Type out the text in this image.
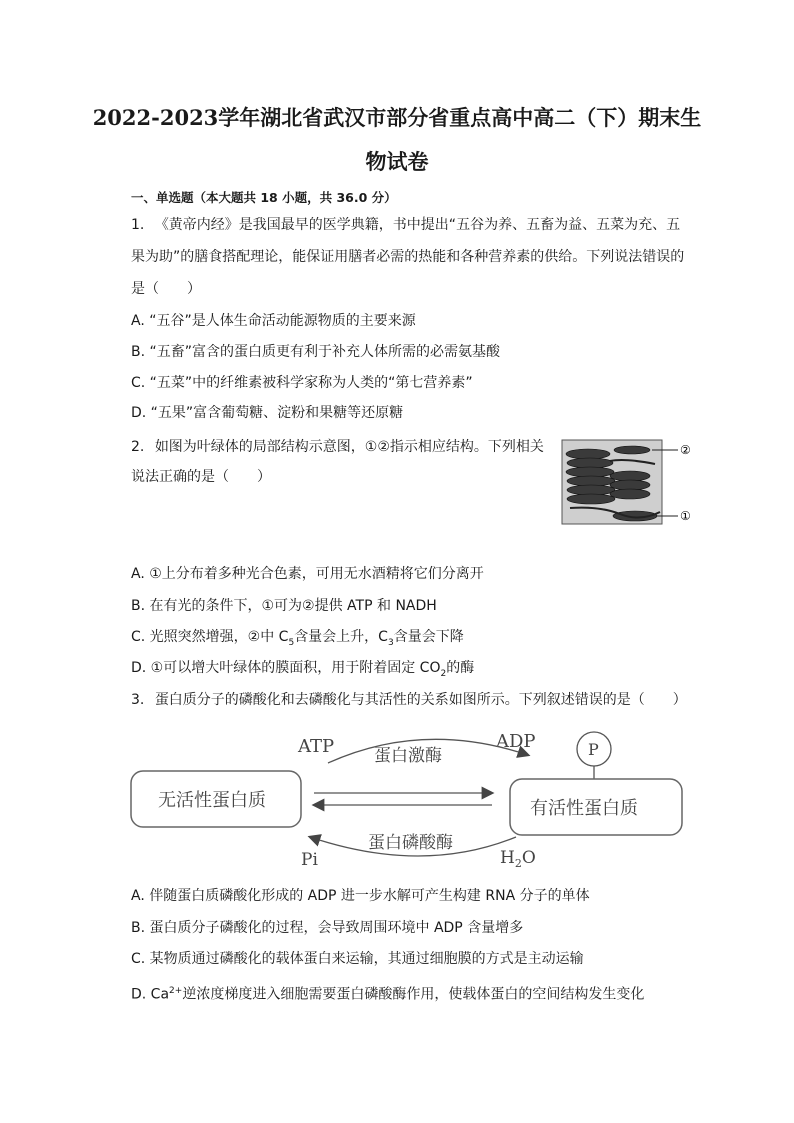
2022-2023学年湖北省武汉市部分省重点高中高二（下）期末生
物试卷
一、单选题（本大题共 18 小题，共 36.0 分）
1. 《黄帝内经》是我国最早的医学典籍，书中提出“五谷为养、五畜为益、五菜为充、五
果为助”的膳食搭配理论，能保证用膳者必需的热能和各种营养素的供给。下列说法错误的
是（　　）
A. “五谷”是人体生命活动能源物质的主要来源
B. “五畜”富含的蛋白质更有利于补充人体所需的必需氨基酸
C. “五菜”中的纤维素被科学家称为人类的“第七营养素”
D. “五果”富含葡萄糖、淀粉和果糖等还原糖
2. 如图为叶绿体的局部结构示意图，①②指示相应结构。下列相关
说法正确的是（　　）
②
①
A. ①上分布着多种光合色素，可用无水酒精将它们分离开
B. 在有光的条件下，①可为②提供 ATP 和 NADH
C. 光照突然增强，②中 $C_5$含量会上升，$C_3$含量会下降
D. ①可以增大叶绿体的膜面积，用于附着固定 $CO_2$的酶
3. 蛋白质分子的磷酸化和去磷酸化与其活性的关系如图所示。下列叙述错误的是（　　）
ATP 蛋白激酶
ADP	P
无活性蛋白质	有活性蛋白质
蛋白磷酸酶
Pi	$H_2O$
A. 伴随蛋白质磷酸化形成的 ADP 进一步水解可产生构建 RNA 分子的单体
B. 蛋白质分子磷酸化的过程，会导致周围环境中 ADP 含量增多
C. 某物质通过磷酸化的载体蛋白来运输，其通过细胞膜的方式是主动运输
D. $Ca^{2+}$逆浓度梯度进入细胞需要蛋白磷酸酶作用，使载体蛋白的空间结构发生变化
